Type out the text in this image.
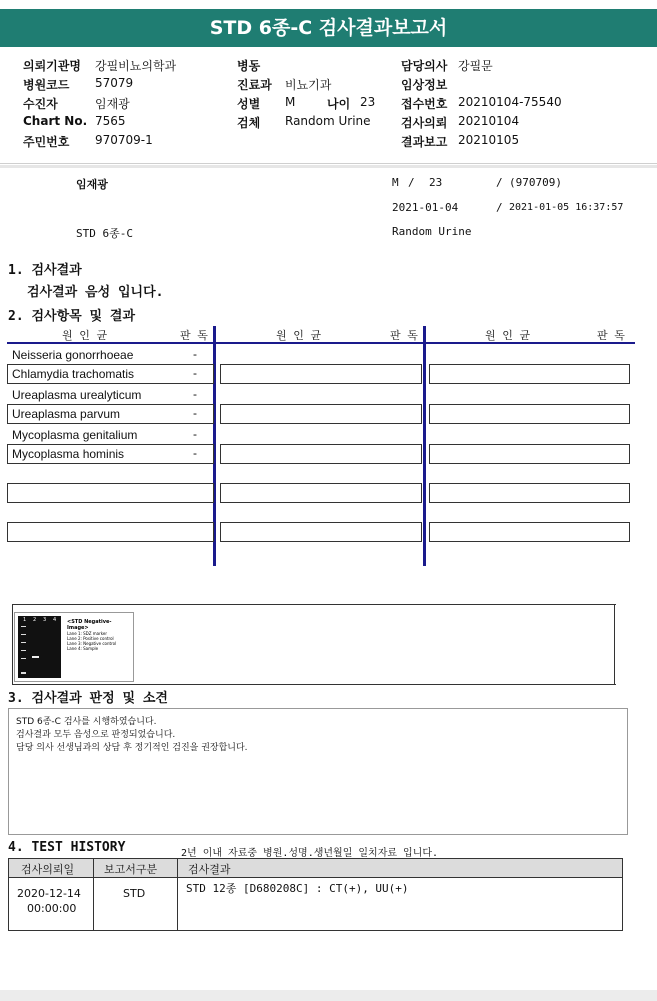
STD 6종-C 검사결과보고서
의뢰기관명 강필비뇨의학과
병원코드 57079
수진자	임재광
Chart No. 7565
주민번호 970709-1
병동
진료과 비뇨기과
성별 M	나이 23
검체 Random Urine
담당의사 강필문
임상정보
접수번호 20210104-75540
검사의뢰 20210104
결과보고 20210105
임재광	M / 23	/ (970709)
2021-01-04	/ 2021-01-05 16:37:57
STD 6종-C	Random Urine
1. 검사결과
검사결과 음성 입니다.
2. 검사항목 및 결과
원 인 균	판 독	원 인 균	판 독	원 인 균	판 독
Neisseria gonorrhoeae	-
Chlamydia trachomatis	-
Ureaplasma urealyticum	-
Ureaplasma parvum	-
Mycoplasma genitalium	-
Mycoplasma hominis	-
1 2 3 4 <STD Negative-Image>
Lane 1: SDZ marker
Lane 2: Positive control
Lane 3: Negative control
Lane 4: Sample
3. 검사결과 판정 및 소견
STD 6종-C 검사를 시행하였습니다.
검사결과 모두 음성으로 판정되었습니다.
담당 의사 선생님과의 상담 후 정기적인 검진을 권장합니다.
4. TEST HISTORY	2년 이내 자료중 병원.성명.생년월일 일치자료 입니다.
검사의뢰일	보고서구분	검사결과
2020-12-14
00:00:00
STD	STD 12종 [D680208C] : CT(+), UU(+)
